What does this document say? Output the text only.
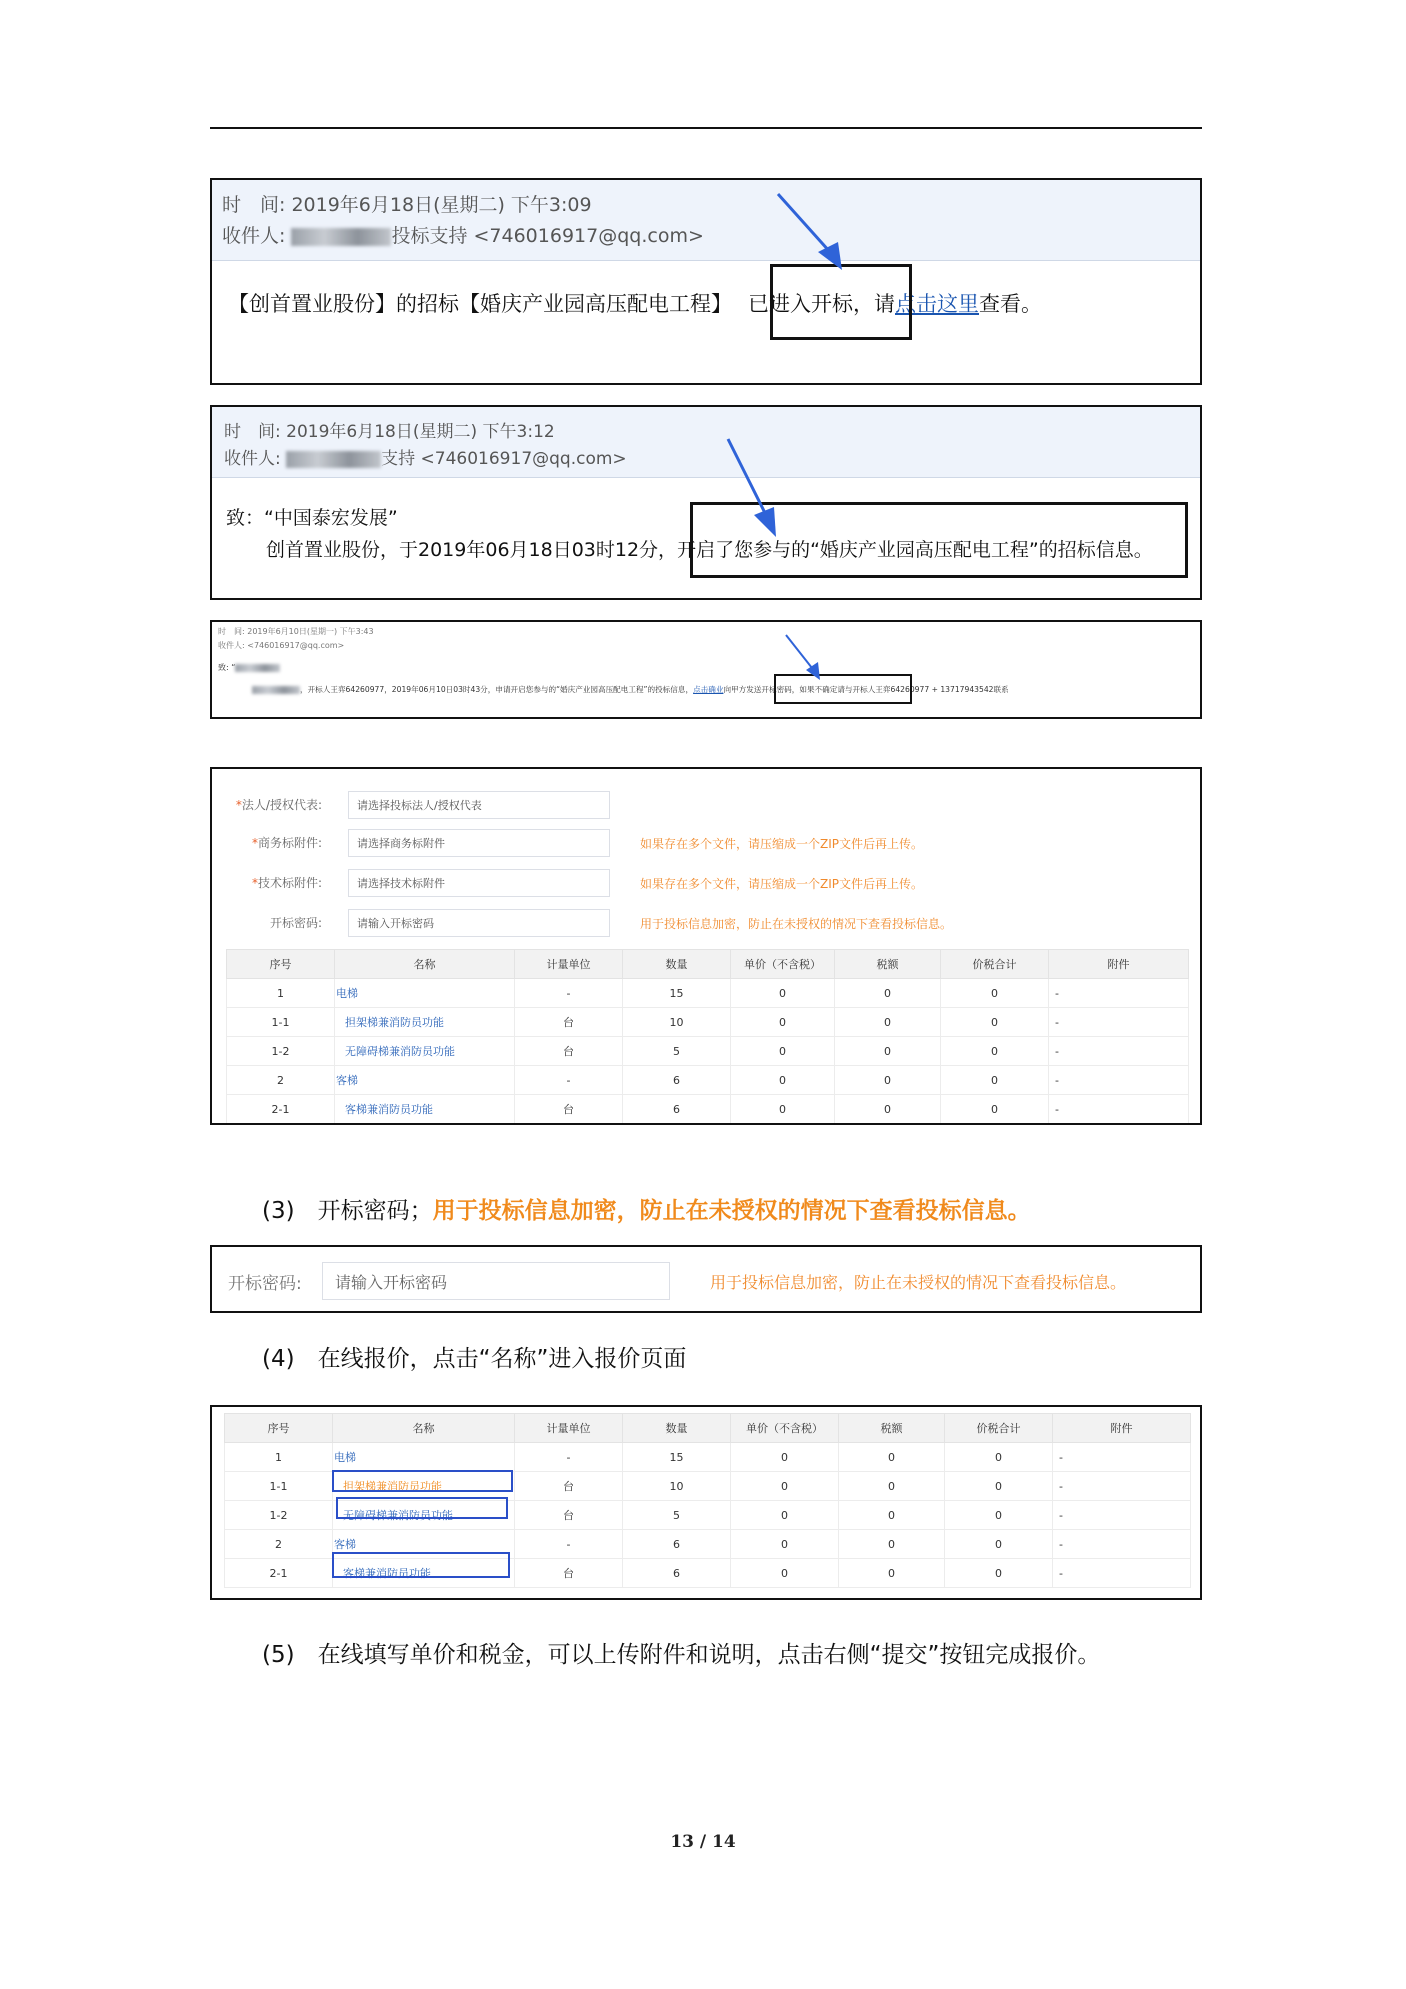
时　间: 2019年6月18日(星期二) 下午3:09
收件人:	投标支持 <746016917@qq.com>
【创首置业股份】的招标【婚庆产业园高压配电工程】 已进入开标，请点击这里查看。
时　间: 2019年6月18日(星期二) 下午3:12
收件人:	支持 <746016917@qq.com>
致：“中国泰宏发展”
创首置业股份，于2019年06月18日03时12分，开启了您参与的“婚庆产业园高压配电工程”的招标信息。
时　间: 2019年6月10日(星期一) 下午3:43
收件人: <746016917@qq.com>
致: “
，开标人王弈64260977，2019年06月10日03时43分，申请开启您参与的“婚庆产业园高压配电工程”的投标信息，点击确业向甲方发送开标密码，如果不确定请与开标人王弈64260977 + 13717943542联系
*法人/授权代表:	请选择投标法人/授权代表
*商务标附件:	请选择商务标附件	如果存在多个文件，请压缩成一个ZIP文件后再上传。
*技术标附件:	请选择技术标附件	如果存在多个文件，请压缩成一个ZIP文件后再上传。
开标密码:	请输入开标密码	用于投标信息加密，防止在未授权的情况下查看投标信息。
序号	名称	计量单位	数量	单价（不含税）	税额	价税合计	附件
1	电梯	-	15	0	0	0	-
1-1	担架梯兼消防员功能	台	10	0	0	0	-
1-2	无障碍梯兼消防员功能	台	5	0	0	0	-
2	客梯	-	6	0	0	0	-
2-1	客梯兼消防员功能	台	6	0	0	0	-
(3)　开标密码；用于投标信息加密，防止在未授权的情况下查看投标信息。
开标密码:	请输入开标密码	用于投标信息加密，防止在未授权的情况下查看投标信息。
(4)　在线报价，点击“名称”进入报价页面
序号	名称	计量单位	数量	单价（不含税）	税额	价税合计	附件
1	电梯	-	15	0	0	0	-
1-1	担架梯兼消防员功能	台	10	0	0	0	-
1-2	无障碍梯兼消防员功能	台	5	0	0	0	-
2	客梯	-	6	0	0	0	-
2-1	客梯兼消防员功能	台	6	0	0	0	-
(5)　在线填写单价和税金，可以上传附件和说明，点击右侧“提交”按钮完成报价。
13 / 14
